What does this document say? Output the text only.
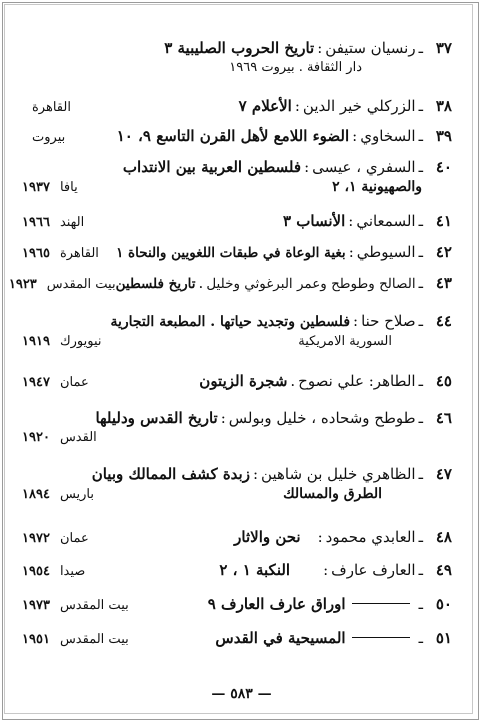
٣٧
ـ
رنسيان ستيفن
:
تاريخ الحروب الصليبية ٣
دار الثقافة . بيروت ١٩٦٩
٣٨
ـ
الزركلي خير الدين
:
الأعلام ٧
القاهرة
٣٩
ـ
السخاوي
:
الضوء اللامع لأهل القرن التاسع ٩، ١٠
بيروت
٤٠
ـ
السفري ، عيسى
:
فلسطين العربية بين الانتداب
والصهيونية ١، ٢
يافا
١٩٣٧
٤١
ـ
السمعاني
:
الأنساب ٣
الهند
١٩٦٦
٤٢
ـ
السيوطي
:
بغية الوعاة في طبقات اللغويين والنحاة ١
القاهرة
١٩٦٥
٤٣
ـ
الصالح وطوطح وعمر البرغوثي وخليل
.
تاريخ فلسطين
بيت المقدس
١٩٢٣
٤٤
ـ
صلاح حنا
:
فلسطين وتجديد حياتها . المطبعة التجارية
السورية الامريكية
نيويورك
١٩١٩
٤٥
ـ
الطاهر: علي نصوح
.
شجرة الزيتون
عمان
١٩٤٧
٤٦
ـ
طوطح وشحاده ، خليل وبولس
:
تاريخ القدس ودليلها
القدس
١٩٢٠
٤٧
ـ
الظاهري خليل بن شاهين
:
زبدة كشف الممالك وبيان
الطرق والمسالك
باريس
١٨٩٤
٤٨
ـ
العابدي محمود
:
نحن والاثار
عمان
١٩٧٢
٤٩
ـ
العارف عارف
:
النكبة ١ ، ٢
صيدا
١٩٥٤
٥٠
ـ
اوراق عارف العارف ٩
بيت المقدس
١٩٧٣
٥١
ـ
المسيحية في القدس
بيت المقدس
١٩٥١
— ٥٨٣ —
